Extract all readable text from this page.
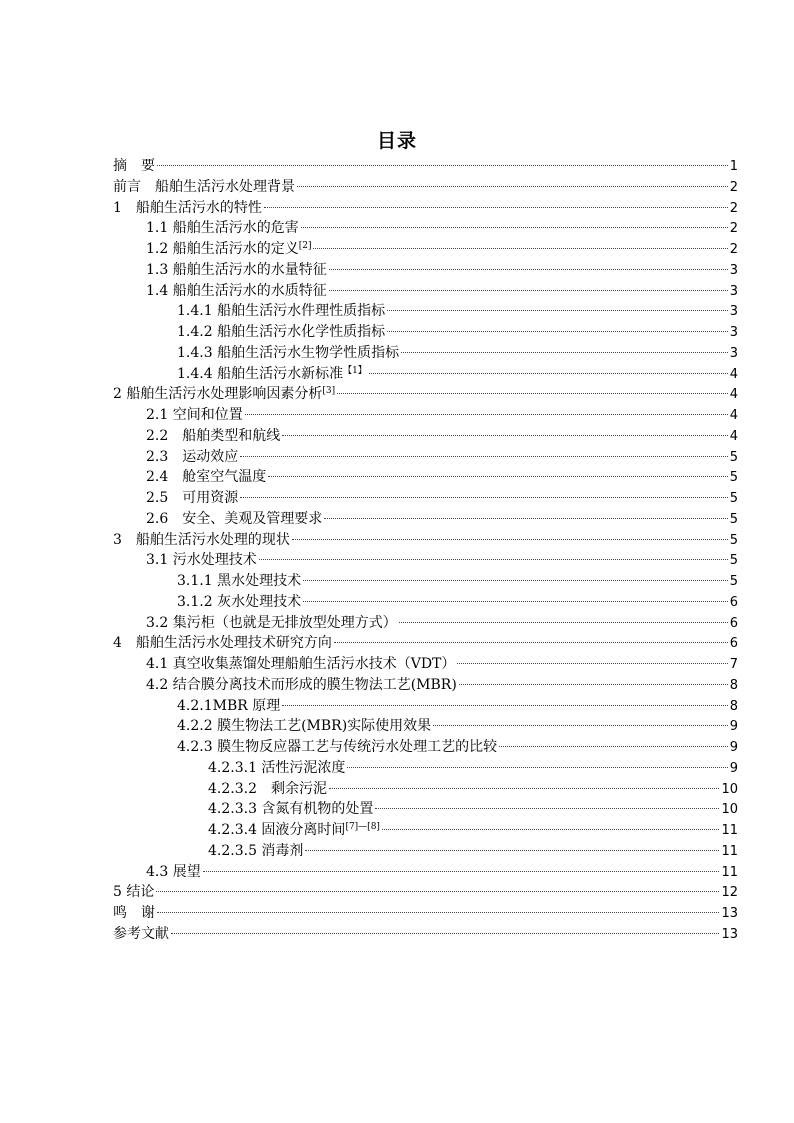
目录
摘　要	1
前言　船舶生活污水处理背景	2
1　船舶生活污水的特性	2
1.1 船舶生活污水的危害	2
1.2 船舶生活污水的定义[2]	2
1.3 船舶生活污水的水量特征	3
1.4 船舶生活污水的水质特征	3
1.4.1 船舶生活污水件理性质指标	3
1.4.2 船舶生活污水化学性质指标	3
1.4.3 船舶生活污水生物学性质指标	3
1.4.4 船舶生活污水新标准$^{【1】}$	4
2 船舶生活污水处理影响因素分析[3]	4
2.1 空间和位置	4
2.2　船舶类型和航线	4
2.3　运动效应	5
2.4　舱室空气温度	5
2.5　可用资源	5
2.6　安全、美观及管理要求	5
3　船舶生活污水处理的现状	5
3.1 污水处理技术	5
3.1.1 黑水处理技术	5
3.1.2 灰水处理技术	6
3.2 集污柜（也就是无排放型处理方式）	6
4　船舶生活污水处理技术研究方向	6
4.1 真空收集蒸馏处理船舶生活污水技术（VDT）	7
4.2 结合膜分离技术而形成的膜生物法工艺(MBR)	8
4.2.1MBR 原理	8
4.2.2 膜生物法工艺(MBR)实际使用效果	9
4.2.3 膜生物反应器工艺与传统污水处理工艺的比较	9
4.2.3.1 活性污泥浓度	9
4.2.3.2　剩余污泥	10
4.2.3.3 含氮有机物的处置	10
4.2.3.4 固液分离时间[7]—[8]	11
4.2.3.5 消毒剂	11
4.3 展望	11
5 结论	12
鸣　谢	13
参考文献	13
